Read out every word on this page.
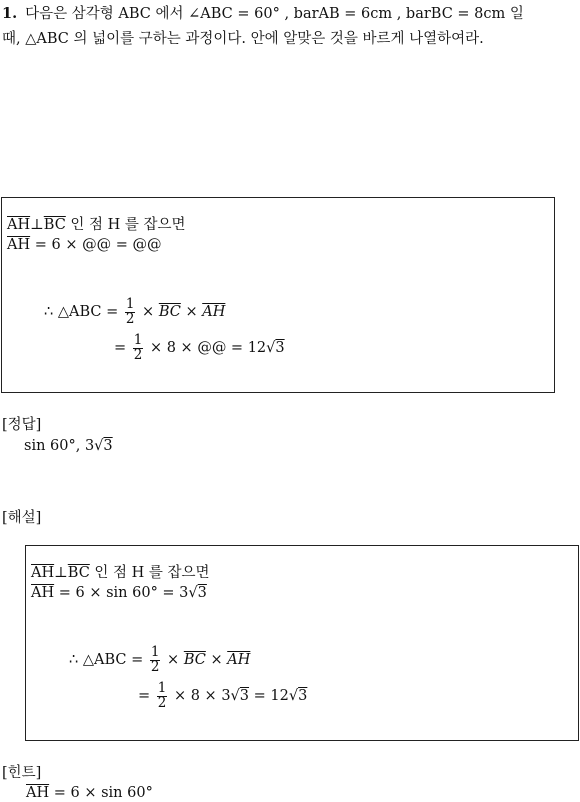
1. 다음은 삼각형 ABC 에서 ∠ABC = 60° , barAB = 6cm , barBC = 8cm 일
때, △ABC 의 넓이를 구하는 과정이다. 안에 알맞은 것을 바르게 나열하여라.
$\overline{AH}\perp\overline{BC}$ 인 점 H 를 잡으면
$\overline{AH} = 6$ × @@ = @@
∴ △ABC = $\frac{1}{2} \times \overline{BC} \times \overline{AH}$
= $\frac{1}{2} \times 8$ × @@ = 12√3
[정답]
sin 60°, 3√3
[해설]
$\overline{AH}\perp\overline{BC}$ 인 점 H 를 잡으면
$\overline{AH} = 6 \times \sin 60^\circ = 3√3$
∴ △ABC = $\frac{1}{2} \times \overline{BC} \times \overline{AH}$
= $\frac{1}{2} \times 8 \times 3√3 = 12√3$
[힌트]
$\overline{AH} = 6 \times \sin 60^\circ$
